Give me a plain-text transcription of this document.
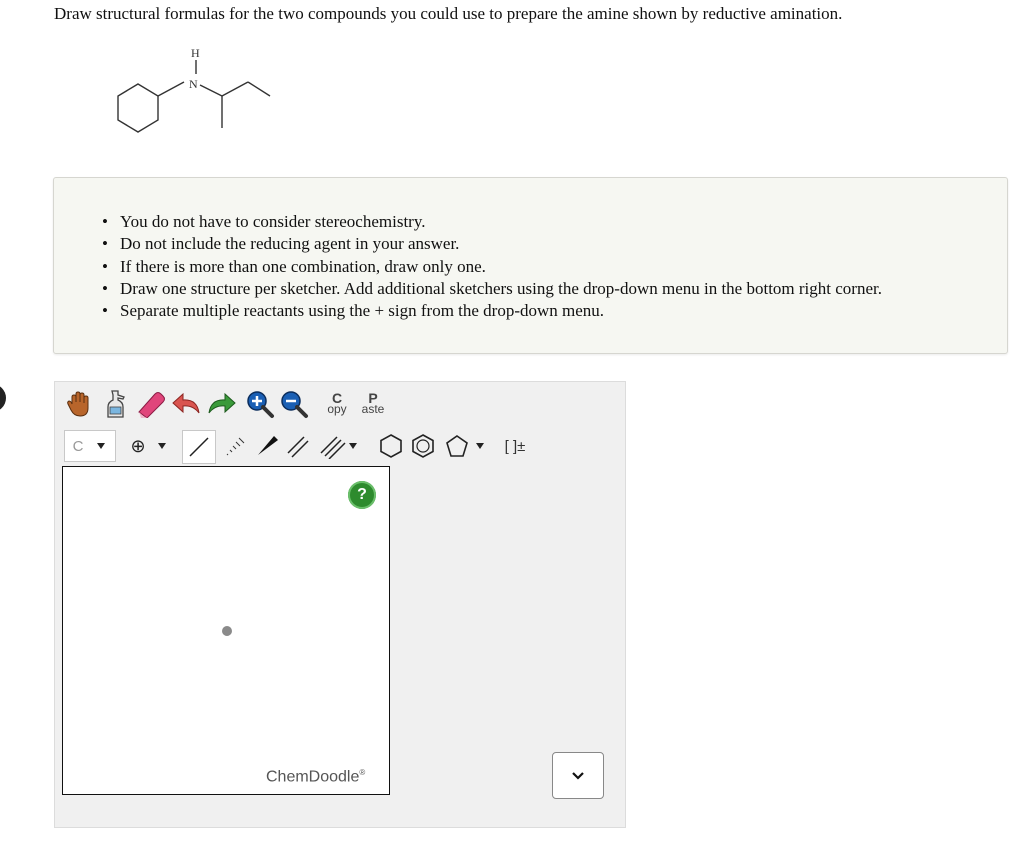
Draw structural formulas for the two compounds you could use to prepare the amine shown by reductive amination.
H
N
• You do not have to consider stereochemistry.
• Do not include the reducing agent in your answer.
• If there is more than one combination, draw only one.
• Draw one structure per sketcher. Add additional sketchers using the drop-down menu in the bottom right corner.
• Separate multiple reactants using the + sign from the drop-down menu.
C
opy
P
aste
C	⊕	[ ]±
?
ChemDoodle®
